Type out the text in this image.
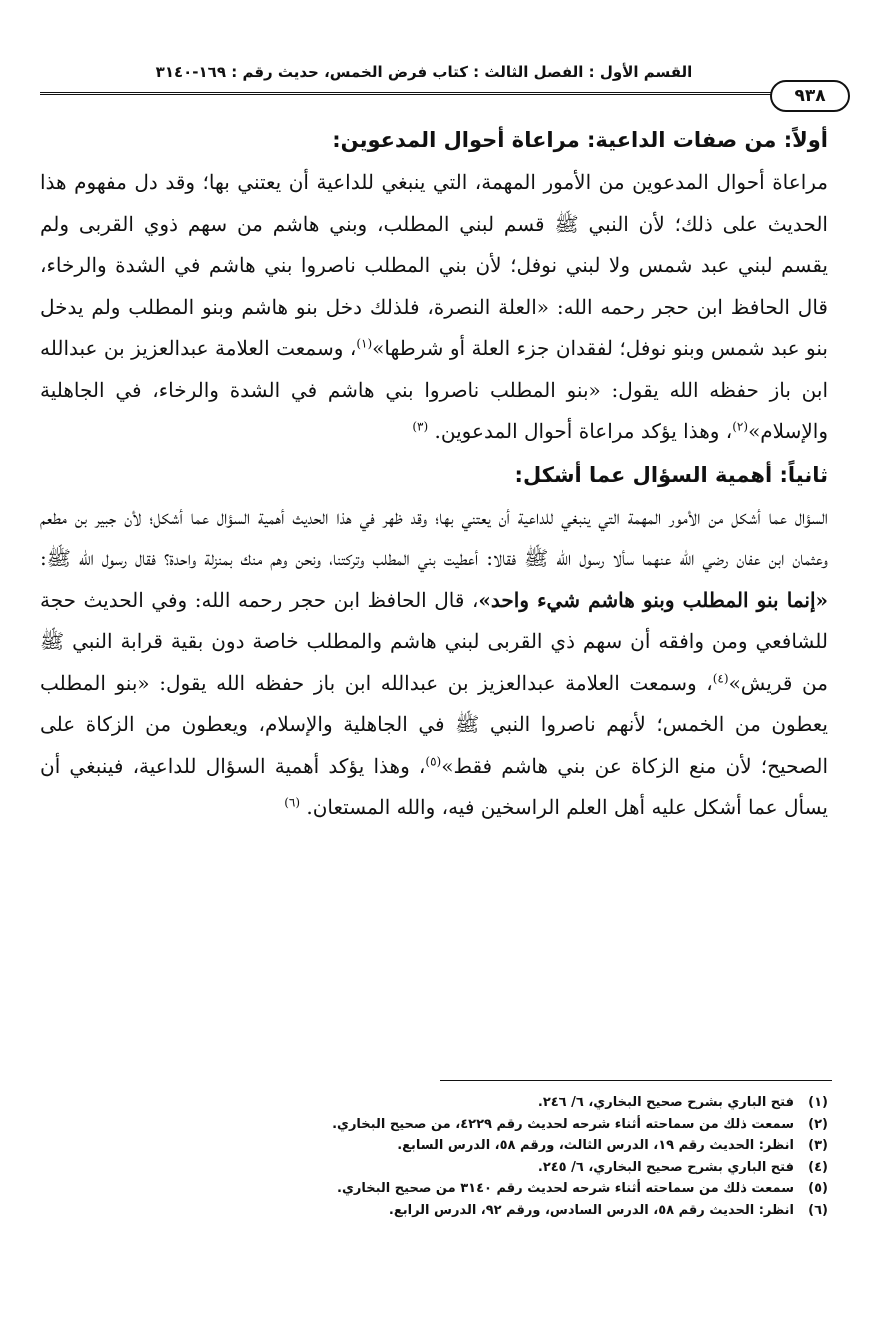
القسم الأول : الفصل الثالث : كتاب فرض الخمس، حديث رقم : ١٦٩-٣١٤٠
٩٣٨
أولاً: من صفات الداعية: مراعاة أحوال المدعوين:

مراعاة أحوال المدعوين من الأمور المهمة، التي ينبغي للداعية أن يعتني بها؛ وقد دل مفهوم هذا الحديث على ذلك؛ لأن النبي ﷺ قسم لبني المطلب، وبني هاشم من سهم ذوي القربى ولم يقسم لبني عبد شمس ولا لبني نوفل؛ لأن بني المطلب ناصروا بني هاشم في الشدة والرخاء، قال الحافظ ابن حجر رحمه الله: «العلة النصرة، فلذلك دخل بنو هاشم وبنو المطلب ولم يدخل بنو عبد شمس وبنو نوفل؛ لفقدان جزء العلة أو شرطها»$^{(١)}$، وسمعت العلامة عبدالعزيز بن عبدالله ابن باز حفظه الله يقول: «بنو المطلب ناصروا بني هاشم في الشدة والرخاء، في الجاهلية والإسلام»$^{(٢)}$، وهذا يؤكد مراعاة أحوال المدعوين. $^{(٣)}$

ثانياً: أهمية السؤال عما أشكل:

السؤال عما أشكل من الأمور المهمة التي ينبغي للداعية أن يعتني بها؛ وقد ظهر في هذا الحديث أهمية السؤال عما أشكل؛ لأن جبير بن مطعم وعثمان ابن عفان رضي الله عنهما سألا رسول الله ﷺ فقالا: أعطيت بني المطلب وتركتنا، ونحن وهم منك بمنزلة واحدة؟ فقال رسول الله ﷺ: «إنما بنو المطلب وبنو هاشم شيء واحد»، قال الحافظ ابن حجر رحمه الله: وفي الحديث حجة للشافعي ومن وافقه أن سهم ذي القربى لبني هاشم والمطلب خاصة دون بقية قرابة النبي ﷺ من قريش»$^{(٤)}$، وسمعت العلامة عبدالعزيز بن عبدالله ابن باز حفظه الله يقول: «بنو المطلب يعطون من الخمس؛ لأنهم ناصروا النبي ﷺ في الجاهلية والإسلام، ويعطون من الزكاة على الصحيح؛ لأن منع الزكاة عن بني هاشم فقط»$^{(٥)}$، وهذا يؤكد أهمية السؤال للداعية، فينبغي أن يسأل عما أشكل عليه أهل العلم الراسخين فيه، والله المستعان. $^{(٦)}$

(١)فتح الباري بشرح صحيح البخاري، ٦/ ٢٤٦.
(٢)سمعت ذلك من سماحته أثناء شرحه لحديث رقم ٤٢٢٩، من صحيح البخاري.
(٣)انظر: الحديث رقم ١٩، الدرس الثالث، ورقم ٥٨، الدرس السابع.
(٤)فتح الباري بشرح صحيح البخاري، ٦/ ٢٤٥.
(٥)سمعت ذلك من سماحته أثناء شرحه لحديث رقم ٣١٤٠ من صحيح البخاري.
(٦)انظر: الحديث رقم ٥٨، الدرس السادس، ورقم ٩٢، الدرس الرابع.
